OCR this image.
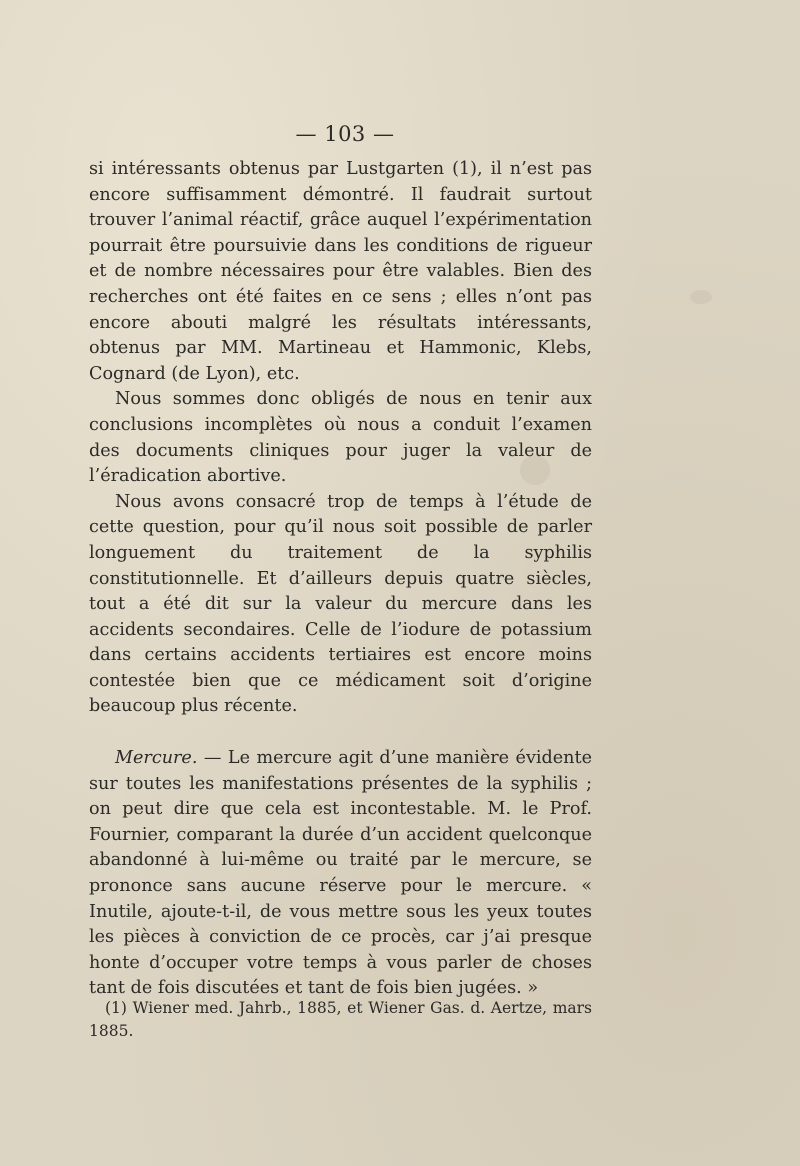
— 103 —

si intéressants obtenus par Lustgarten (1), il n’est pas encore suffisamment démontré. Il faudrait surtout trouver l’animal réactif, grâce auquel l’expérimentation pourrait être poursuivie dans les conditions de rigueur et de nombre nécessaires pour être valables. Bien des recherches ont été faites en ce sens ; elles n’ont pas encore abouti malgré les résultats intéressants, obtenus par MM. Martineau et Hammonic, Klebs, Cognard (de Lyon), etc.

Nous sommes donc obligés de nous en tenir aux conclusions incomplètes où nous a conduit l’examen des documents cliniques pour juger la valeur de l’éradication abortive.

Nous avons consacré trop de temps à l’étude de cette question, pour qu’il nous soit possible de parler longuement du traitement de la syphilis constitutionnelle. Et d’ailleurs depuis quatre siècles, tout a été dit sur la valeur du mercure dans les accidents secondaires. Celle de l’iodure de potassium dans certains accidents tertiaires est encore moins contestée bien que ce médicament soit d’origine beaucoup plus récente.

Mercure. — Le mercure agit d’une manière évidente sur toutes les manifestations présentes de la syphilis ; on peut dire que cela est incontestable. M. le Prof. Fournier, comparant la durée d’un accident quelconque abandonné à lui-même ou traité par le mercure, se prononce sans aucune réserve pour le mercure. « Inutile, ajoute-t-il, de vous mettre sous les yeux toutes les pièces à conviction de ce procès, car j’ai presque honte d’occuper votre temps à vous parler de choses tant de fois discutées et tant de fois bien jugées. »

(1) Wiener med. Jahrb., 1885, et Wiener Gas. d. Aertze, mars 1885.
